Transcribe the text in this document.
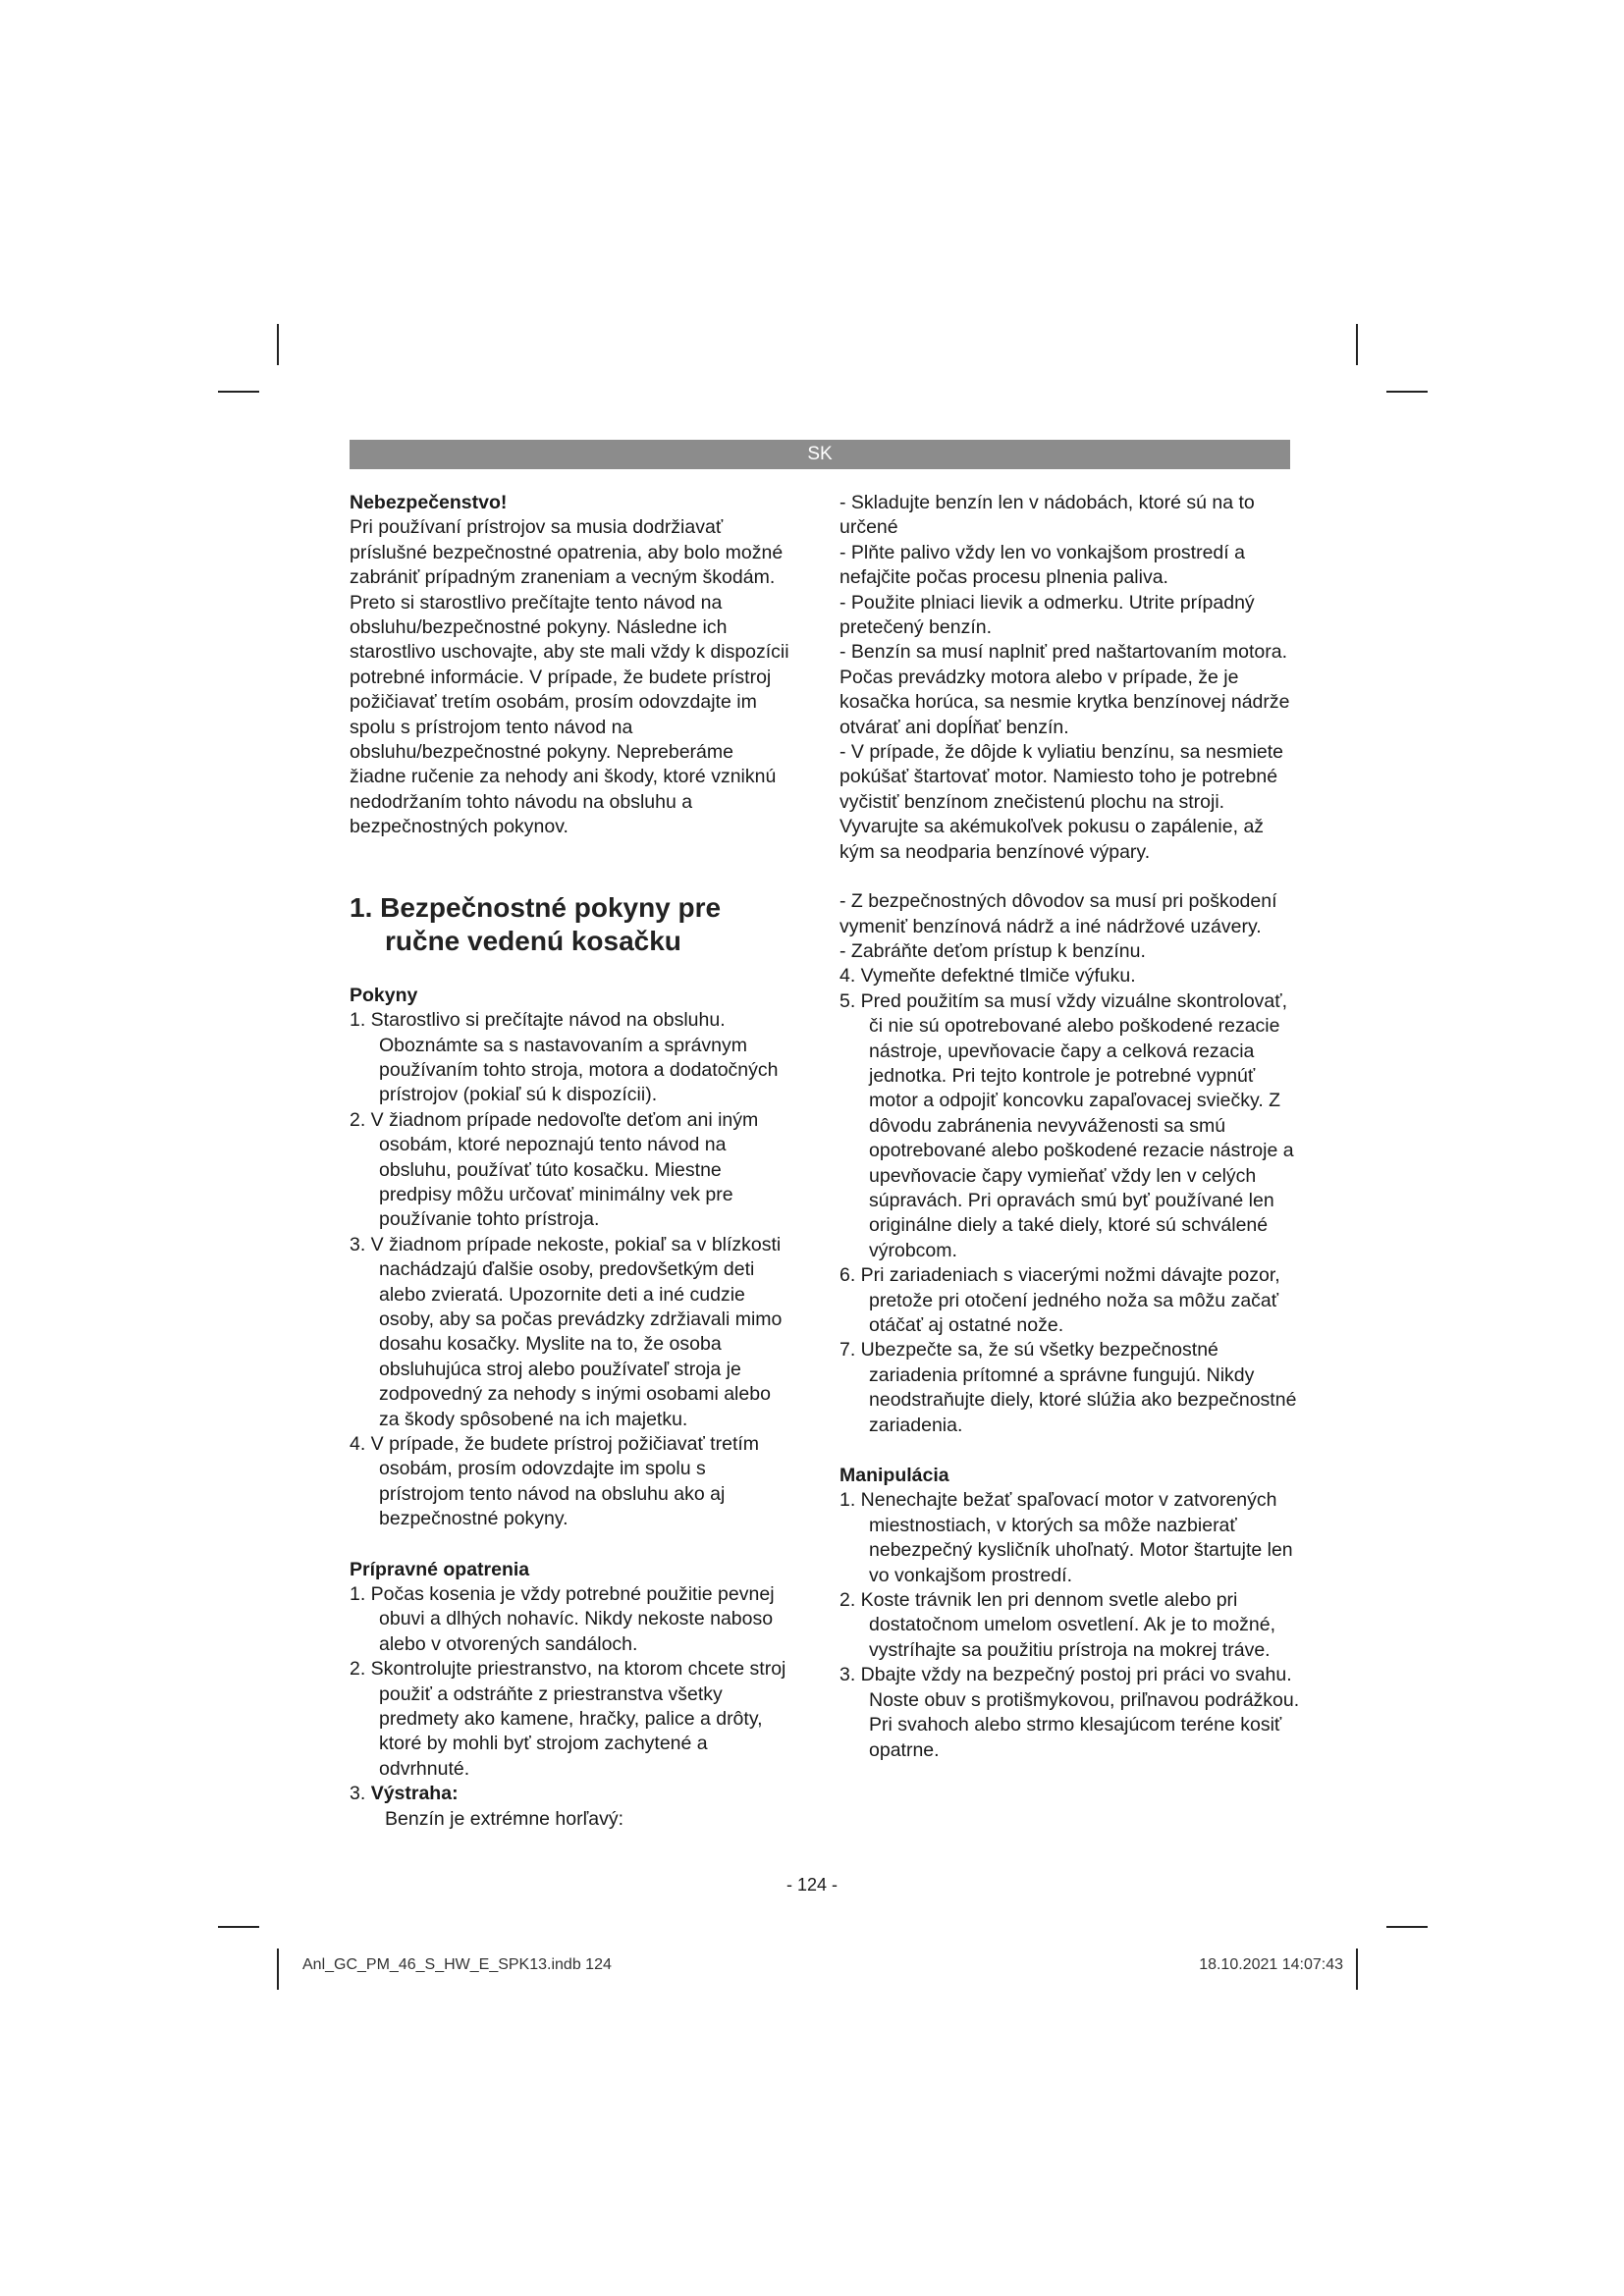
SK

Nebezpečenstvo!

Pri používaní prístrojov sa musia dodržiavať príslušné bezpečnostné opatrenia, aby bolo možné zabrániť prípadným zraneniam a vecným škodám. Preto si starostlivo prečítajte tento návod na obsluhu/bezpečnostné pokyny. Následne ich starostlivo uschovajte, aby ste mali vždy k dispozícii potrebné informácie. V prípade, že budete prístroj požičiavať tretím osobám, prosím odovzdajte im spolu s prístrojom tento návod na obsluhu/bezpečnostné pokyny. Nepreberáme žiadne ručenie za nehody ani škody, ktoré vzniknú nedodržaním tohto návodu na obsluhu a bezpečnostných pokynov.

1. Bezpečnostné pokyny pre ručne vedenú kosačku

Pokyny

1. Starostlivo si prečítajte návod na obsluhu. Oboznámte sa s nastavovaním a správnym používaním tohto stroja, motora a dodatočných prístrojov (pokiaľ sú k dispozícii).

2. V žiadnom prípade nedovoľte deťom ani iným osobám, ktoré nepoznajú tento návod na obsluhu, používať túto kosačku. Miestne predpisy môžu určovať minimálny vek pre používanie tohto prístroja.

3. V žiadnom prípade nekoste, pokiaľ sa v blízkosti nachádzajú ďalšie osoby, predovšetkým deti alebo zvieratá. Upozornite deti a iné cudzie osoby, aby sa počas prevádzky zdržiavali mimo dosahu kosačky. Myslite na to, že osoba obsluhujúca stroj alebo používateľ stroja je zodpovedný za nehody s inými osobami alebo za škody spôsobené na ich majetku.

4. V prípade, že budete prístroj požičiavať tretím osobám, prosím odovzdajte im spolu s prístrojom tento návod na obsluhu ako aj bezpečnostné pokyny.

Prípravné opatrenia

1. Počas kosenia je vždy potrebné použitie pevnej obuvi a dlhých nohavíc. Nikdy nekoste naboso alebo v otvorených sandáloch.

2. Skontrolujte priestranstvo, na ktorom chcete stroj použiť a odstráňte z priestranstva všetky predmety ako kamene, hračky, palice a drôty, ktoré by mohli byť strojom zachytené a odvrhnuté.

3. Výstraha:

Benzín je extrémne horľavý:

- Skladujte benzín len v nádobách, ktoré sú na to určené

- Plňte palivo vždy len vo vonkajšom prostredí a nefajčite počas procesu plnenia paliva.

- Použite plniaci lievik a odmerku. Utrite prípadný pretečený benzín.

- Benzín sa musí naplniť pred naštartovaním motora. Počas prevádzky motora alebo v prípade, že je kosačka horúca, sa nesmie krytka benzínovej nádrže otvárať ani dopĺňať benzín.

- V prípade, že dôjde k vyliatiu benzínu, sa nesmiete pokúšať štartovať motor. Namiesto toho je potrebné vyčistiť benzínom znečistenú plochu na stroji. Vyvarujte sa akémukoľvek pokusu o zapálenie, až kým sa neodparia benzínové výpary.

- Z bezpečnostných dôvodov sa musí pri poškodení vymeniť benzínová nádrž a iné nádržové uzávery.

- Zabráňte deťom prístup k benzínu.

4. Vymeňte defektné tlmiče výfuku.

5. Pred použitím sa musí vždy vizuálne skontrolovať, či nie sú opotrebované alebo poškodené rezacie nástroje, upevňovacie čapy a celková rezacia jednotka. Pri tejto kontrole je potrebné vypnúť motor a odpojiť koncovku zapaľovacej sviečky. Z dôvodu zabránenia nevyváženosti sa smú opotrebované alebo poškodené rezacie nástroje a upevňovacie čapy vymieňať vždy len v celých súpravách. Pri opravách smú byť používané len originálne diely a také diely, ktoré sú schválené výrobcom.

6. Pri zariadeniach s viacerými nožmi dávajte pozor, pretože pri otočení jedného noža sa môžu začať otáčať aj ostatné nože.

7. Ubezpečte sa, že sú všetky bezpečnostné zariadenia prítomné a správne fungujú. Nikdy neodstraňujte diely, ktoré slúžia ako bezpečnostné zariadenia.

Manipulácia

1. Nenechajte bežať spaľovací motor v zatvorených miestnostiach, v ktorých sa môže nazbierať nebezpečný kysličník uhoľnatý. Motor štartujte len vo vonkajšom prostredí.

2. Koste trávnik len pri dennom svetle alebo pri dostatočnom umelom osvetlení. Ak je to možné, vystríhajte sa použitiu prístroja na mokrej tráve.

3. Dbajte vždy na bezpečný postoj pri práci vo svahu. Noste obuv s protišmykovou, priľnavou podrážkou. Pri svahoch alebo strmo klesajúcom teréne kosiť opatrne.

- 124 -
Anl_GC_PM_46_S_HW_E_SPK13.indb 124	18.10.2021 14:07:43
